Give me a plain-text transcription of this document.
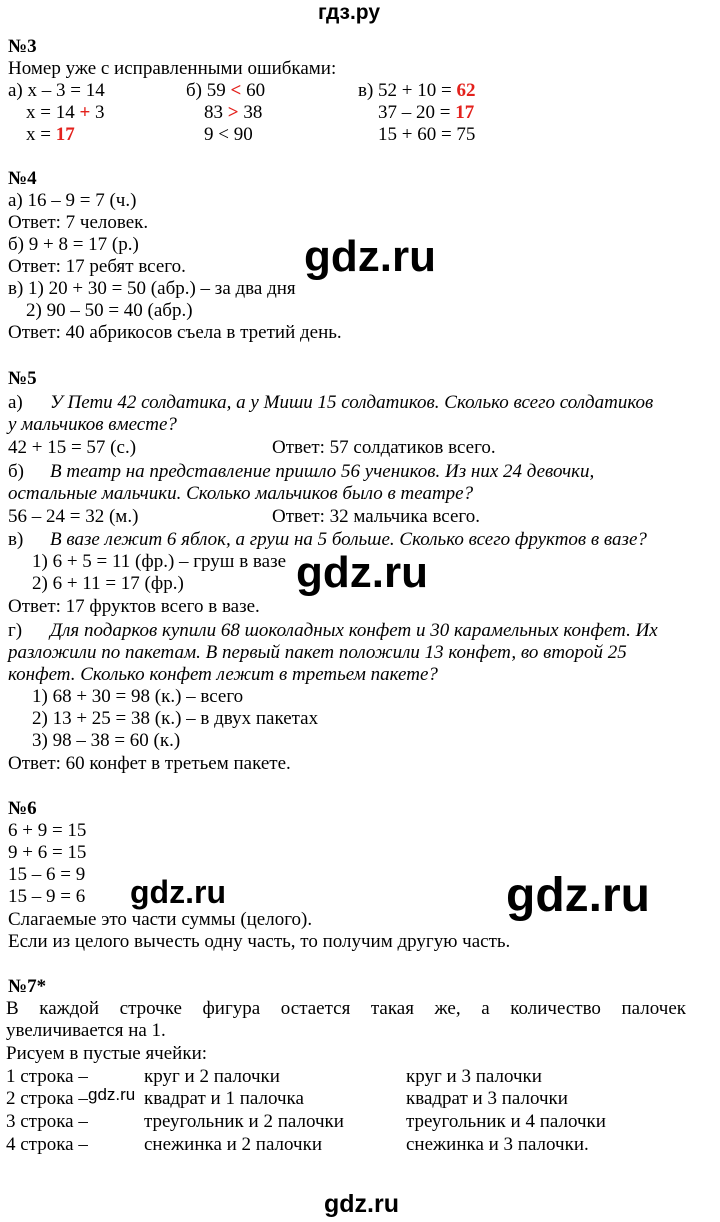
гдз.ру
gdz.ru
gdz.ru
gdz.ru	gdz.ru
gdz.ru
gdz.ru
№3
Номер уже с исправленными ошибками:
а) x – 3 = 14
x = 14 + 3
x = 17
б) 59 < 60
83 > 38
9 < 90
в) 52 + 10 = 62
37 – 20 = 17
15 + 60 = 75
№4
а) 16 – 9 = 7 (ч.)
Ответ: 7 человек.
б) 9 + 8 = 17 (р.)
Ответ: 17 ребят всего.
в) 1) 20 + 30 = 50 (абр.) – за два дня
2) 90 – 50 = 40 (абр.)
Ответ: 40 абрикосов съела в третий день.
№5
а) У Пети 42 солдатика, а у Миши 15 солдатиков. Сколько всего солдатиков
у мальчиков вместе?
42 + 15 = 57 (с.)	Ответ: 57 солдатиков всего.
б) В театр на представление пришло 56 учеников. Из них 24 девочки,
остальные мальчики. Сколько мальчиков было в театре?
56 – 24 = 32 (м.)	Ответ: 32 мальчика всего.
в) В вазе лежит 6 яблок, а груш на 5 больше. Сколько всего фруктов в вазе?
1) 6 + 5 = 11 (фр.) – груш в вазе
2) 6 + 11 = 17 (фр.)
Ответ: 17 фруктов всего в вазе.
г) Для подарков купили 68 шоколадных конфет и 30 карамельных конфет. Их
разложили по пакетам. В первый пакет положили 13 конфет, во второй 25
конфет. Сколько конфет лежит в третьем пакете?
1) 68 + 30 = 98 (к.) – всего
2) 13 + 25 = 38 (к.) – в двух пакетах
3) 98 – 38 = 60 (к.)
Ответ: 60 конфет в третьем пакете.
№6
6 + 9 = 15
9 + 6 = 15
15 – 6 = 9
15 – 9 = 6
Слагаемые это части суммы (целого).
Если из целого вычесть одну часть, то получим другую часть.
№7*
В каждой строчке фигура остается такая же, а количество палочек
увеличивается на 1.
Рисуем в пустые ячейки:
1 строка –	круг и 2 палочки	круг и 3 палочки
2 строка –	квадрат и 1 палочка	квадрат и 3 палочки
3 строка –	треугольник и 2 палочки	треугольник и 4 палочки
4 строка –	снежинка и 2 палочки	снежинка и 3 палочки.
